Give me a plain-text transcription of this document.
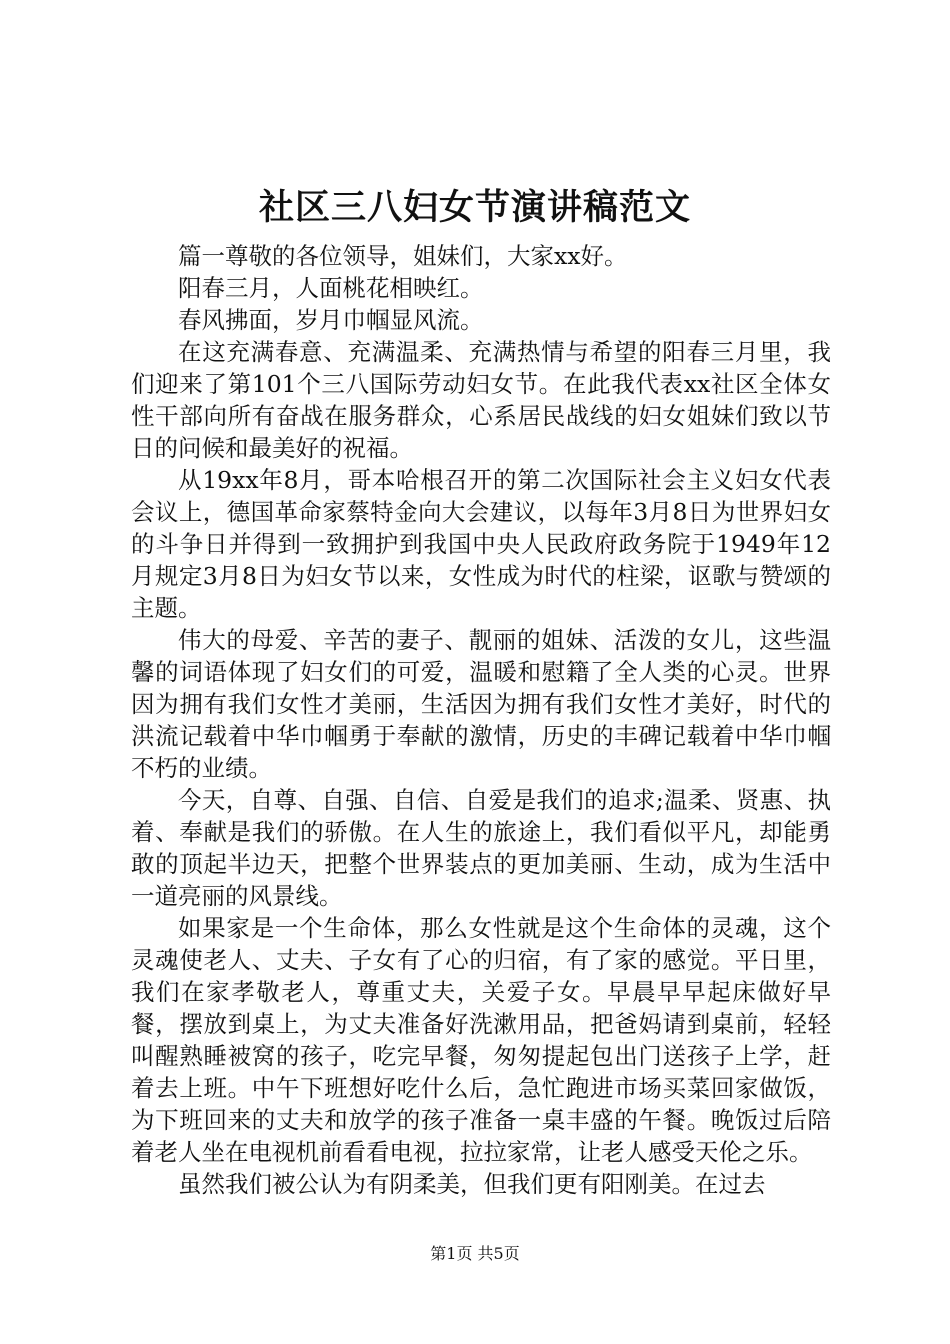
社区三八妇女节演讲稿范文

篇一尊敬的各位领导，姐妹们，大家xx好。

阳春三月，人面桃花相映红。

春风拂面，岁月巾帼显风流。

在这充满春意、充满温柔、充满热情与希望的阳春三月里，我们迎来了第101个三八国际劳动妇女节。在此我代表xx社区全体女性干部向所有奋战在服务群众，心系居民战线的妇女姐妹们致以节日的问候和最美好的祝福。

从19xx年8月，哥本哈根召开的第二次国际社会主义妇女代表会议上，德国革命家蔡特金向大会建议，以每年3月8日为世界妇女的斗争日并得到一致拥护到我国中央人民政府政务院于1949年12月规定3月8日为妇女节以来，女性成为时代的柱梁，讴歌与赞颂的主题。

伟大的母爱、辛苦的妻子、靓丽的姐妹、活泼的女儿，这些温馨的词语体现了妇女们的可爱，温暖和慰籍了全人类的心灵。世界因为拥有我们女性才美丽，生活因为拥有我们女性才美好，时代的洪流记载着中华巾帼勇于奉献的激情，历史的丰碑记载着中华巾帼不朽的业绩。

今天，自尊、自强、自信、自爱是我们的追求;温柔、贤惠、执着、奉献是我们的骄傲。在人生的旅途上，我们看似平凡，却能勇敢的顶起半边天，把整个世界装点的更加美丽、生动，成为生活中一道亮丽的风景线。

如果家是一个生命体，那么女性就是这个生命体的灵魂，这个灵魂使老人、丈夫、子女有了心的归宿，有了家的感觉。平日里，我们在家孝敬老人，尊重丈夫，关爱子女。早晨早早起床做好早餐，摆放到桌上，为丈夫准备好洗漱用品，把爸妈请到桌前，轻轻叫醒熟睡被窝的孩子，吃完早餐，匆匆提起包出门送孩子上学，赶着去上班。中午下班想好吃什么后，急忙跑进市场买菜回家做饭，为下班回来的丈夫和放学的孩子准备一桌丰盛的午餐。晚饭过后陪着老人坐在电视机前看看电视，拉拉家常，让老人感受天伦之乐。

虽然我们被公认为有阴柔美，但我们更有阳刚美。在过去

第1页 共5页
